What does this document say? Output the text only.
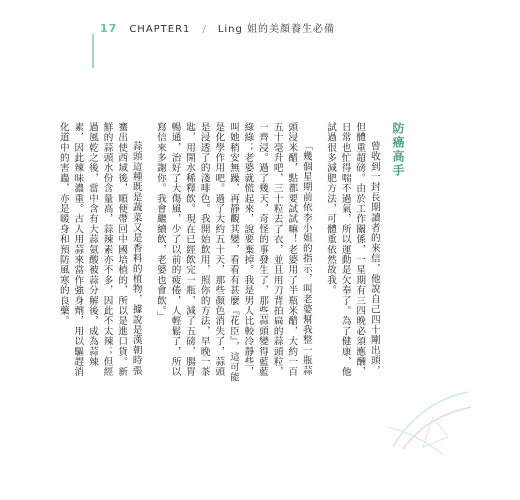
17 CHAPTER1 / Ling 姐的美顏養生必備
防癌高手

曾收到一封長期讀者的來信，他說自己四十剛出頭，但體重超磅。由於工作關係，一星期有三四晚必須應酬，日常也忙得喘不過氣，所以運動是欠奉了。為了健康，他試過很多減肥方法，可體重依然故我。

「幾個星期前依李小姐的指示，叫老婆幫我整一瓶蒜頭浸米醋，點都要試試嘛！老婆用了半瓶米醋，大約一百五十毫升吧，三十粒去了衣，並且用刀背拍扁的蒜頭粒，一齊浸。過了幾天，奇怪的事發生了，那些蒜頭變得藍藍綠綠；老婆就慌起來，說要棄掉。我是男人比較冷靜些，叫她稍安無躁，再靜觀其變，看看有甚麼『花臣』，這可能是化學作用吧。過了大約五十天，那些顏色消失了，蒜頭是浸透了的淺啡色。我開始飲用，照你的方法，早晚一茶匙，用開水稀釋飲。現在已經飲完一瓶，減了五磅，腸胃暢通，治好了大傷風，少了以前的疲倦，人輕鬆了，所以寫信來多謝你。我會繼續飲，老婆也會飲。」

蒜頭這種既是蔬菜又是香料的植物，據說是漢朝時張騫出使西域後，順便帶回中國培植的，所以是進口貨。新鮮的蒜頭水份含量高，蒜辣素亦不多，因此不太辣；但經過風乾之後，當中含有大蒜氨酸被蒜分解後，成為蒜辣素，因此辣味濃重。古人用蒜來當作強身劑，用以驅趕消化道中的害蟲，亦是暖身和預防風寒的良藥。
